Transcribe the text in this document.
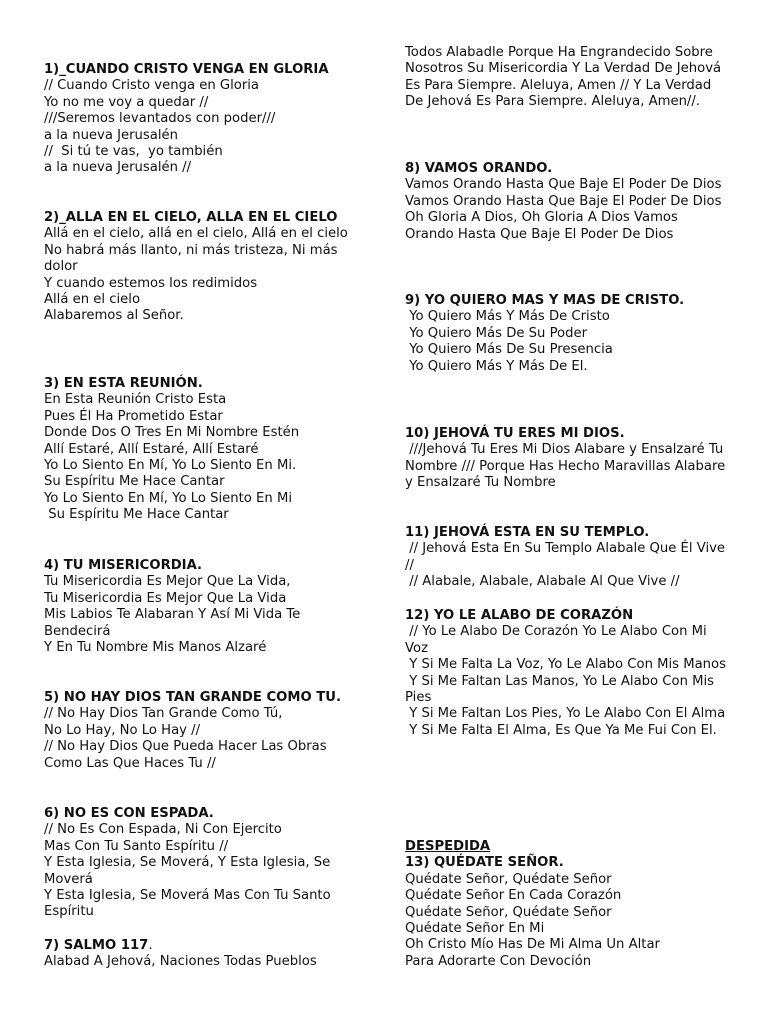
1)_CUANDO CRISTO VENGA EN GLORIA
// Cuando Cristo venga en Gloria
Yo no me voy a quedar //
///Seremos levantados con poder///
a la nueva Jerusalén
//  Si tú te vas,  yo también
a la nueva Jerusalén //
2)_ALLA EN EL CIELO, ALLA EN EL CIELO
Allá en el cielo, allá en el cielo, Allá en el cielo
No habrá más llanto, ni más tristeza, Ni más dolor
Y cuando estemos los redimidos
Allá en el cielo
Alabaremos al Señor.
3) EN ESTA REUNIÓN.
En Esta Reunión Cristo Esta
Pues Él Ha Prometido Estar
Donde Dos O Tres En Mi Nombre Estén
Allí Estaré, Allí Estaré, Allí Estaré
Yo Lo Siento En Mí, Yo Lo Siento En Mi.
Su Espíritu Me Hace Cantar
Yo Lo Siento En Mí, Yo Lo Siento En Mi
Su Espíritu Me Hace Cantar
4) TU MISERICORDIA.
Tu Misericordia Es Mejor Que La Vida,
Tu Misericordia Es Mejor Que La Vida
Mis Labios Te Alabaran Y Así Mi Vida Te Bendecirá
Y En Tu Nombre Mis Manos Alzaré
5) NO HAY DIOS TAN GRANDE COMO TU.
// No Hay Dios Tan Grande Como Tú,
No Lo Hay, No Lo Hay //
// No Hay Dios Que Pueda Hacer Las Obras Como Las Que Haces Tu //
6) NO ES CON ESPADA.
// No Es Con Espada, Ni Con Ejercito
Mas Con Tu Santo Espíritu //
Y Esta Iglesia, Se Moverá, Y Esta Iglesia, Se Moverá
Y Esta Iglesia, Se Moverá Mas Con Tu Santo Espíritu
7) SALMO 117.
Alabad A Jehová, Naciones Todas Pueblos
Todos Alabadle Porque Ha Engrandecido Sobre Nosotros Su Misericordia Y La Verdad De Jehová Es Para Siempre. Aleluya, Amen // Y La Verdad De Jehová Es Para Siempre. Aleluya, Amen//.
8) VAMOS ORANDO.
Vamos Orando Hasta Que Baje El Poder De Dios Vamos Orando Hasta Que Baje El Poder De Dios Oh Gloria A Dios, Oh Gloria A Dios Vamos Orando Hasta Que Baje El Poder De Dios
9) YO QUIERO MAS Y MAS DE CRISTO.
Yo Quiero Más Y Más De Cristo
Yo Quiero Más De Su Poder
Yo Quiero Más De Su Presencia
Yo Quiero Más Y Más De El.
10) JEHOVÁ TU ERES MI DIOS.
///Jehová Tu Eres Mi Dios Alabare y Ensalzaré Tu Nombre /// Porque Has Hecho Maravillas Alabare y Ensalzaré Tu Nombre
11) JEHOVÁ ESTA EN SU TEMPLO.
// Jehová Esta En Su Templo Alabale Que Él Vive //
// Alabale, Alabale, Alabale Al Que Vive //
12) YO LE ALABO DE CORAZÓN
// Yo Le Alabo De Corazón Yo Le Alabo Con Mi Voz
Y Si Me Falta La Voz, Yo Le Alabo Con Mis Manos
Y Si Me Faltan Las Manos, Yo Le Alabo Con Mis Pies
Y Si Me Faltan Los Pies, Yo Le Alabo Con El Alma
Y Si Me Falta El Alma, Es Que Ya Me Fui Con El.
DESPEDIDA
13) QUÉDATE SEÑOR.
Quédate Señor, Quédate Señor
Quédate Señor En Cada Corazón
Quédate Señor, Quédate Señor
Quédate Señor En Mi
Oh Cristo Mío Has De Mi Alma Un Altar
Para Adorarte Con Devoción
